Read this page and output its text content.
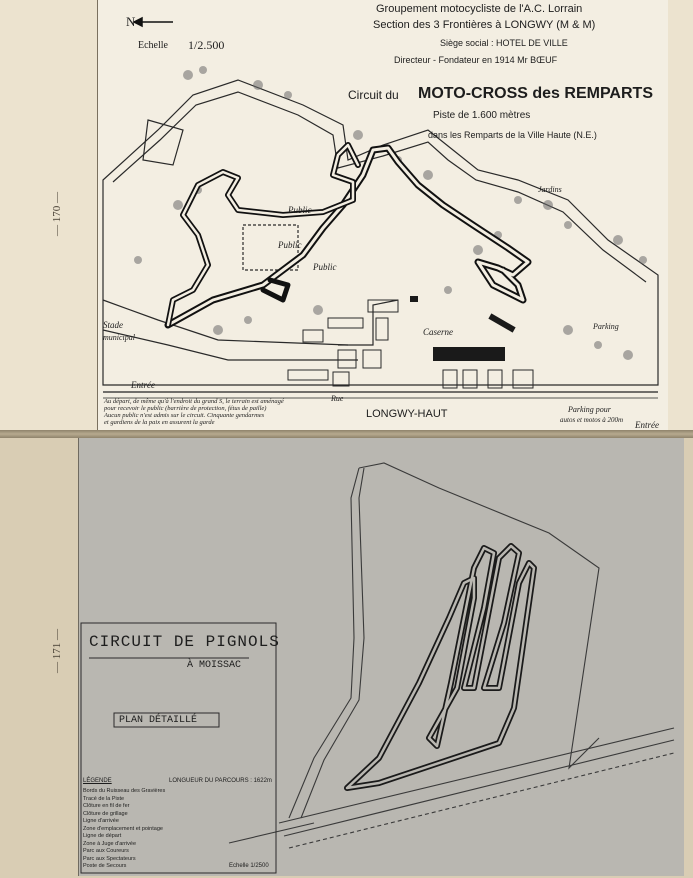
— 170 —
— 171 —
N
Echelle 1/2.500
Groupement motocycliste de l'A.C. Lorrain
Section des 3 Frontières à LONGWY (M & M)
Siège social : HOTEL DE VILLE
Directeur - Fondateur en 1914 Mr BŒUF
Circuit du MOTO-CROSS des REMPARTS
Piste de 1.600 mètres
dans les Remparts de la Ville Haute (N.E.)
Public
Public
Public
Stade
municipal
Caserne
Jardins
Entrée
Entrée
Parking
Rue
LONGWY-HAUT	Parking pour
autos et motos à 200m
Au départ, de même qu'à l'endroit du grand S, le terrain est aménagé
pour recevoir le public (barrière de protection, fétus de paille)
Aucun public n'est admis sur le circuit. Cinquante gendarmes
et gardiens de la paix en assurent la garde
CIRCUIT DE PIGNOLS
À MOISSAC
PLAN DÉTAILLÉ
LÉGENDE	LONGUEUR DU PARCOURS : 1622m
Bords du Ruisseau des Gravières
Tracé de la Piste
Clôture en fil de fer
Clôture de grillage
Ligne d'arrivée
Zone d'emplacement et pointage
Ligne de départ
Zone à Juge d'arrivée
Parc aux Coureurs
Parc aux Spectateurs
Poste de Secours	Echelle 1/2500
